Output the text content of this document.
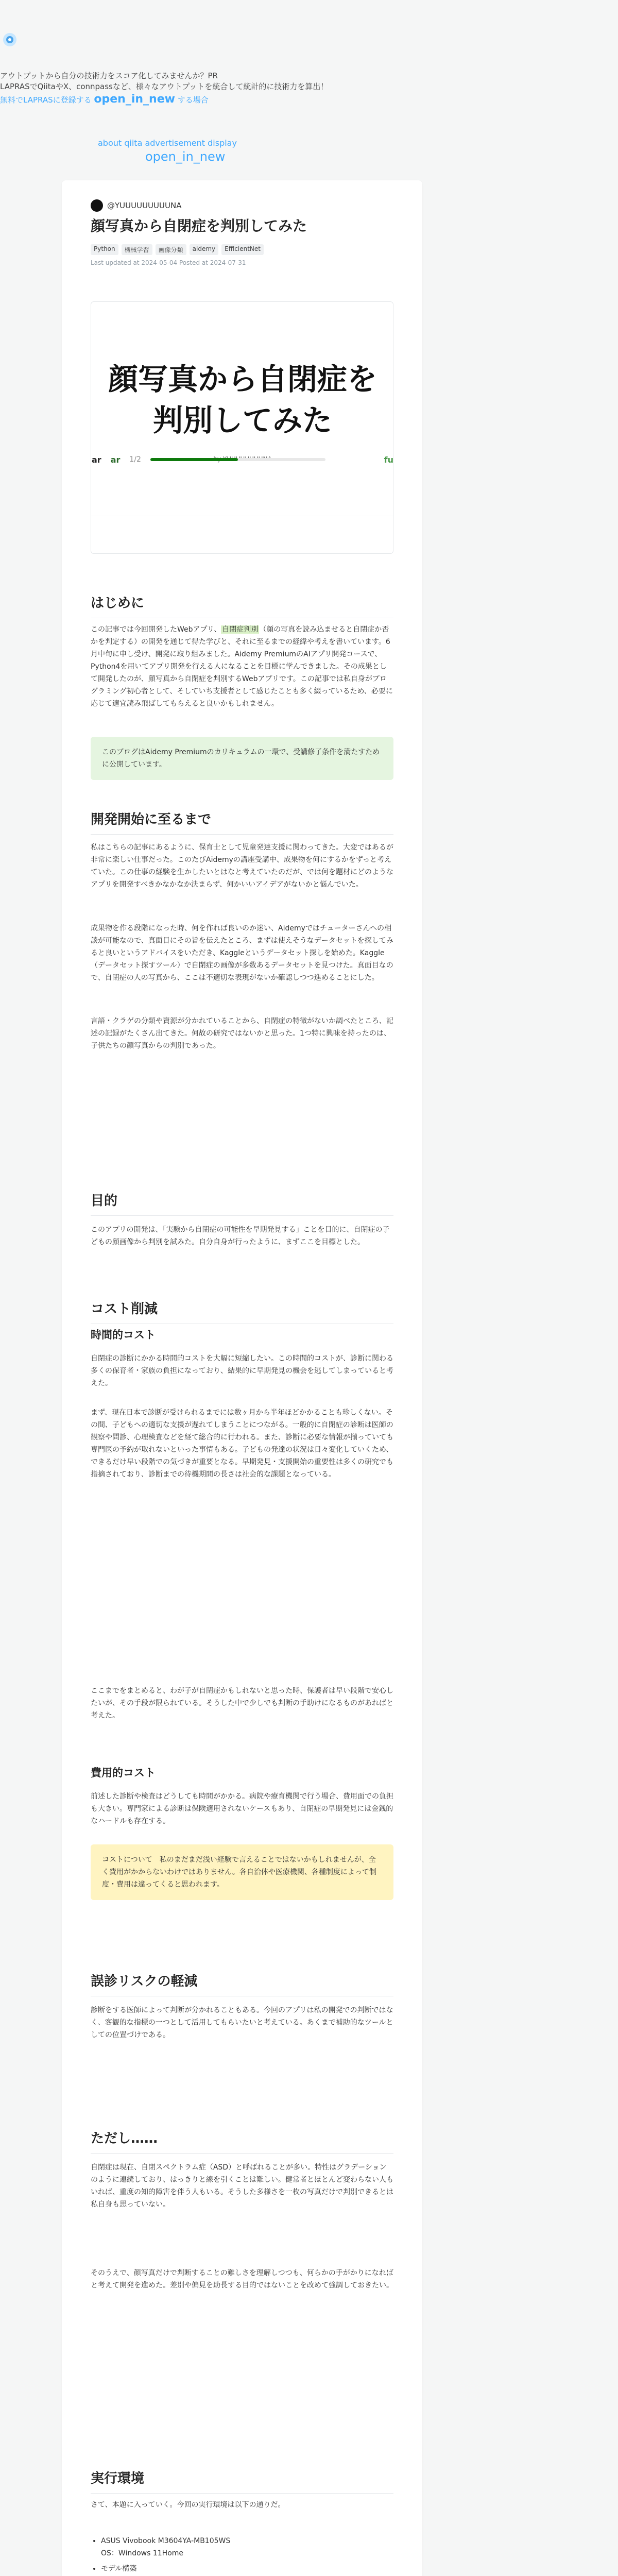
アウトプットから自分の技術力をスコア化してみませんか？PR
LAPRASでQiitaやX、connpassなど、様々なアウトプットを統合して統計的に技術力を算出！
無料でLAPRASに登録する open_in_new する場合
about qiita advertisement display
open_in_new
@YUUUUUUUUUNA
顔写真から自閉症を判別してみた
Python	機械学習	画像分類	aidemy	EfficientNet
Last updated at 2024-05-04 Posted at 2024-07-31
顔写真から自閉症を
判別してみた
ar ar 1/2	fu
はじめに
この記事では今回開発したWebアプリ、 自閉症判別 （顔の写真を読み込ませると自閉症か否かを判定する）の開発を通じて得た学びと、それに至るまでの経緯や考えを書いています。6月中旬に申し受け、開発に取り組みました。Aidemy PremiumのAIアプリ開発コースで、Python4を用いてアプリ開発を行える人になることを目標に学んできました。その成果として開発したのが、顔写真から自閉症を判別するWebアプリです。この記事では私自身がプログラミング初心者として、そしていち支援者として感じたことも多く綴っているため、必要に応じて適宜読み飛ばしてもらえると良いかもしれません。
このブログはAidemy Premiumのカリキュラムの一環で、受講修了条件を満たすために公開しています。
開発開始に至るまで
私はこちらの記事にあるように、保育士として児童発達支援に関わってきた。大変ではあるが非常に楽しい仕事だった。このたびAidemyの講座受講中、成果物を何にするかをずっと考えていた。この仕事の経験を生かしたいとはなと考えていたのだが、では何を題材にどのようなアプリを開発すべきかなかなか決まらず、何かいいアイデアがないかと悩んでいた。
成果物を作る段階になった時、何を作れば良いのか迷い、Aidemyではチューターさんへの相談が可能なので、真面目にその旨を伝えたところ、まずは使えそうなデータセットを探してみると良いというアドバイスをいただき、Kaggleというデータセット探しを始めた。Kaggle（データセット探すツール）で自閉症の画像が多数あるデータセットを見つけた。真面目なので、自閉症の人の写真から、ここは不適切な表現がないか確認しつつ進めることにした。
言語・クラゲの分類や資源が分かれていることから、自閉症の特徴がないか調べたところ、記述の記録がたくさん出てきた。何故の研究ではないかと思った。1つ特に興味を持ったのは、子供たちの顔写真からの判別であった。
目的
このアプリの開発は、「実験から自閉症の可能性を早期発見する」ことを目的に、自閉症の子どもの顔画像から判別を試みた。自分自身が行ったように、まずここを目標とした。
コスト削減
時間的コスト
自閉症の診断にかかる時間的コストを大幅に短縮したい。この時間的コストが、診断に関わる多くの保育者・家族の負担になっており、結果的に早期発見の機会を逃してしまっていると考えた。
まず、現在日本で診断が受けられるまでには数ヶ月から半年ほどかかることも珍しくない。その間、子どもへの適切な支援が遅れてしまうことにつながる。一般的に自閉症の診断は医師の観察や問診、心理検査などを経て総合的に行われる。また、診断に必要な情報が揃っていても専門医の予約が取れないといった事情もある。子どもの発達の状況は日々変化していくため、できるだけ早い段階での気づきが重要となる。早期発見・支援開始の重要性は多くの研究でも指摘されており、診断までの待機期間の長さは社会的な課題となっている。
ここまでをまとめると、わが子が自閉症かもしれないと思った時、保護者は早い段階で安心したいが、その手段が限られている。そうした中で少しでも判断の手助けになるものがあればと考えた。
費用的コスト
前述した診断や検査はどうしても時間がかかる。病院や療育機関で行う場合、費用面での負担も大きい。専門家による診断は保険適用されないケースもあり、自閉症の早期発見には金銭的なハードルも存在する。
コストについて　私のまだまだ浅い経験で言えることではないかもしれませんが、全く費用がかからないわけではありません。各自治体や医療機関、各種制度によって制度・費用は違ってくると思われます。
誤診リスクの軽減
診断をする医師によって判断が分かれることもある。今回のアプリは私の開発での判断ではなく、客観的な指標の一つとして活用してもらいたいと考えている。あくまで補助的なツールとしての位置づけである。
ただし……
自閉症は現在、自閉スペクトラム症（ASD）と呼ばれることが多い。特性はグラデーションのように連続しており、はっきりと線を引くことは難しい。健常者とほとんど変わらない人もいれば、重度の知的障害を伴う人もいる。そうした多様さを一枚の写真だけで判別できるとは私自身も思っていない。
そのうえで、顔写真だけで判断することの難しさを理解しつつも、何らかの手がかりになればと考えて開発を進めた。差別や偏見を助長する目的ではないことを改めて強調しておきたい。
実行環境
さて、本題に入っていく。今回の実行環境は以下の通りだ。
• ASUS Vivobook M3604YA-MB105WS
OS：Windows 11Home
• モデル構築
